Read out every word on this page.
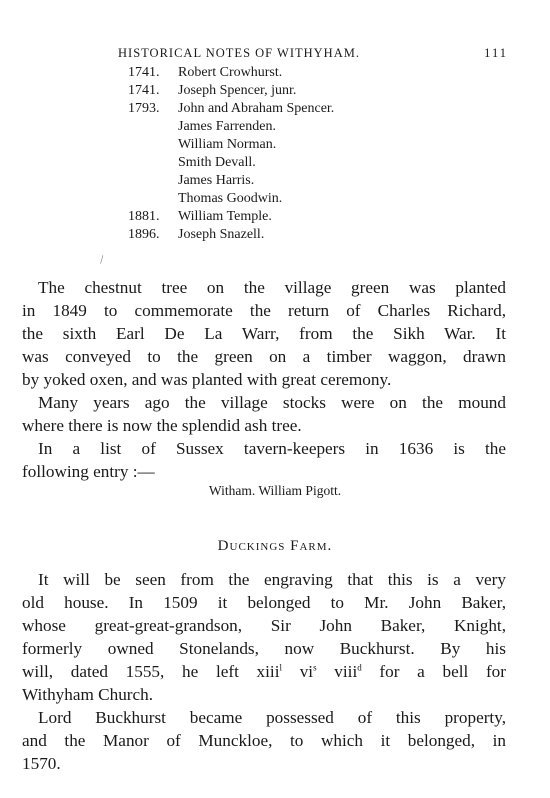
HISTORICAL NOTES OF WITHYHAM.	111
1741.	Robert Crowhurst.
1741.	Joseph Spencer, junr.
1793.	John and Abraham Spencer.
James Farrenden.
William Norman.
Smith Devall.
James Harris.
Thomas Goodwin.
1881.	William Temple.
1896.	Joseph Snazell.
⁄

The chestnut tree on the village green was planted
in 1849 to commemorate the return of Charles Richard,
the sixth Earl De La Warr, from the Sikh War. It
was conveyed to the green on a timber waggon, drawn
by yoked oxen, and was planted with great ceremony.

Many years ago the village stocks were on the mound
where there is now the splendid ash tree.

In a list of Sussex tavern-keepers in 1636 is the
following entry :—

Witham. William Pigott.
Duckings Farm.

It will be seen from the engraving that this is a very
old house. In 1509 it belonged to Mr. John Baker,
whose great-great-grandson, Sir John Baker, Knight,
formerly owned Stonelands, now Buckhurst. By his
will, dated 1555, he left xiii$^l$ $vi^s$ viii$^d$ for a bell for
Withyham Church.

Lord Buckhurst became possessed of this property,
and the Manor of Munckloe, to which it belonged, in
1570.
